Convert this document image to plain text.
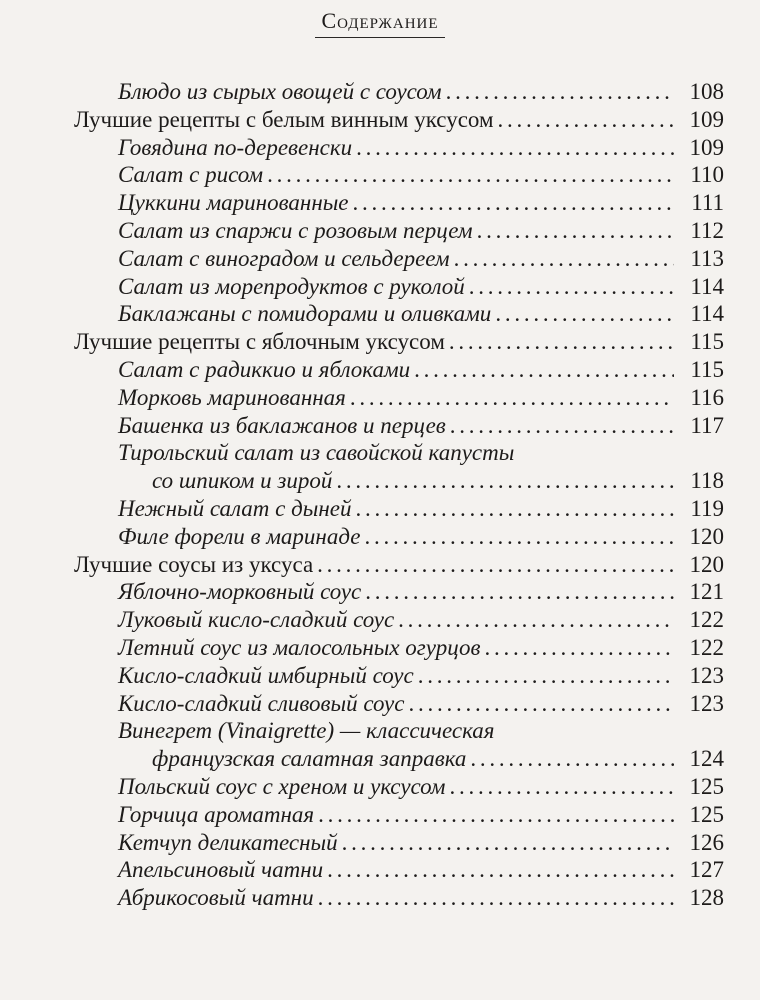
Содержание
Блюдо из сырых овощей с соусом . . .	108
Лучшие рецепты с белым винным уксусом . . .	109
Говядина по-деревенски . . .	109
Салат с рисом . . .	110
Цуккини маринованные . . .	111
Салат из спаржи с розовым перцем . . .	112
Салат с виноградом и сельдереем . . .	113
Салат из морепродуктов с руколой . . .	114
Баклажаны с помидорами и оливками . . .	114
Лучшие рецепты с яблочным уксусом . . .	115
Салат с радиккио и яблоками . . .	115
Морковь маринованная . . .	116
Башенка из баклажанов и перцев . . .	117
Тирольский салат из савойской капусты
со шпиком и зирой . . .	118
Нежный салат с дыней . . .	119
Филе форели в маринаде . . .	120
Лучшие соусы из уксуса . . .	120
Яблочно-морковный соус . . .	121
Луковый кисло-сладкий соус . . .	122
Летний соус из малосольных огурцов . . .	122
Кисло-сладкий имбирный соус . . .	123
Кисло-сладкий сливовый соус . . .	123
Винегрет (Vinaigrette) — классическая
французская салатная заправка . . .	124
Польский соус с хреном и уксусом . . .	125
Горчица ароматная . . .	125
Кетчуп деликатесный . . .	126
Апельсиновый чатни . . .	127
Абрикосовый чатни . . .	128
